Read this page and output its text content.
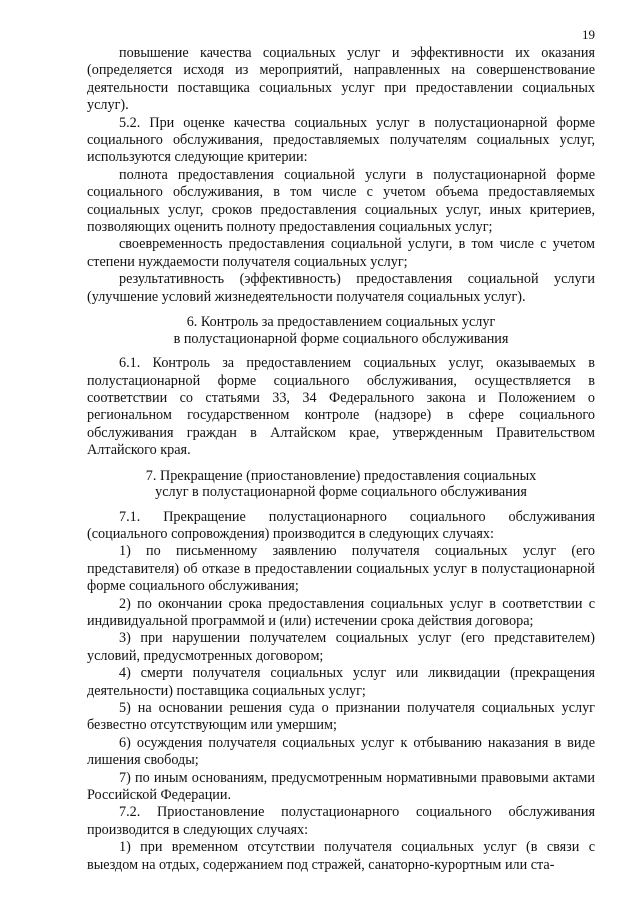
19

повышение качества социальных услуг и эффективности их оказания (определяется исходя из мероприятий, направленных на совершенствование деятельности поставщика социальных услуг при предоставлении социальных услуг).

5.2. При оценке качества социальных услуг в полустационарной форме социального обслуживания, предоставляемых получателям социальных услуг, используются следующие критерии:

полнота предоставления социальной услуги в полустационарной форме социального обслуживания, в том числе с учетом объема предоставляемых социальных услуг, сроков предоставления социальных услуг, иных критериев, позволяющих оценить полноту предоставления социальных услуг;

своевременность предоставления социальной услуги, в том числе с учетом степени нуждаемости получателя социальных услуг;

результативность (эффективность) предоставления социальной услуги (улучшение условий жизнедеятельности получателя социальных услуг).

6. Контроль за предоставлением социальных услуг
в полустационарной форме социального обслуживания

6.1. Контроль за предоставлением социальных услуг, оказываемых в полустационарной форме социального обслуживания, осуществляется в соответствии со статьями 33, 34 Федерального закона и Положением о региональном государственном контроле (надзоре) в сфере социального обслуживания граждан в Алтайском крае, утвержденным Правительством Алтайского края.

7. Прекращение (приостановление) предоставления социальных
услуг в полустационарной форме социального обслуживания

7.1. Прекращение полустационарного социального обслуживания (социального сопровождения) производится в следующих случаях:

1) по письменному заявлению получателя социальных услуг (его представителя) об отказе в предоставлении социальных услуг в полустационарной форме социального обслуживания;

2) по окончании срока предоставления социальных услуг в соответствии с индивидуальной программой и (или) истечении срока действия договора;

3) при нарушении получателем социальных услуг (его представителем) условий, предусмотренных договором;

4) смерти получателя социальных услуг или ликвидации (прекращения деятельности) поставщика социальных услуг;

5) на основании решения суда о признании получателя социальных услуг безвестно отсутствующим или умершим;

6) осуждения получателя социальных услуг к отбыванию наказания в виде лишения свободы;

7) по иным основаниям, предусмотренным нормативными правовыми актами Российской Федерации.

7.2. Приостановление полустационарного социального обслуживания производится в следующих случаях:

1) при временном отсутствии получателя социальных услуг (в связи с выездом на отдых, содержанием под стражей, санаторно-курортным или ста-
